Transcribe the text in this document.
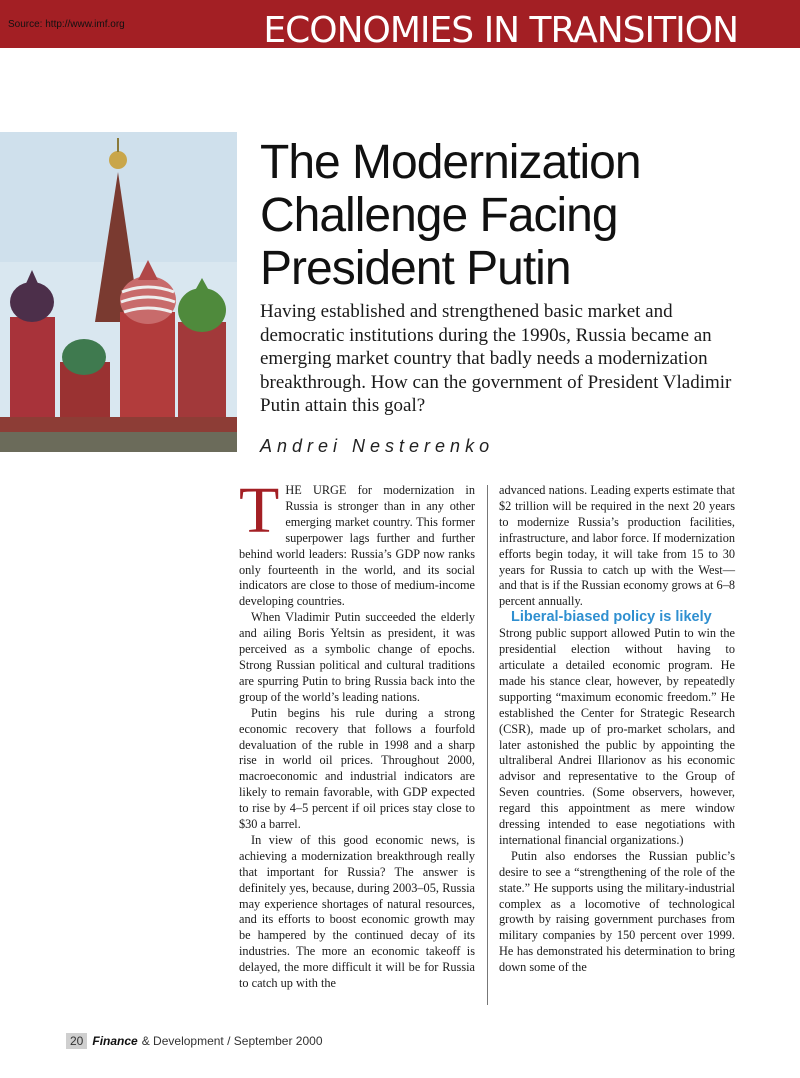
Source: http://www.imf.org	ECONOMIES IN TRANSITION
The Modernization
Challenge Facing
President Putin

Having established and strengthened basic market and democratic institutions during the 1990s, Russia became an emerging market country that badly needs a modernization breakthrough. How can the government of President Vladimir Putin attain this goal?

Andrei Nesterenko

THE URGE for modernization in Russia is stronger than in any other emerging market country. This former superpower lags further and further behind world leaders: Russia’s GDP now ranks only fourteenth in the world, and its social indicators are close to those of medium-income developing countries.

When Vladimir Putin succeeded the elderly and ailing Boris Yeltsin as president, it was perceived as a symbolic change of epochs. Strong Russian political and cultural traditions are spurring Putin to bring Russia back into the group of the world’s leading nations.

Putin begins his rule during a strong economic recovery that follows a fourfold devaluation of the ruble in 1998 and a sharp rise in world oil prices. Throughout 2000, macroeconomic and industrial indicators are likely to remain favorable, with GDP expected to rise by 4–5 percent if oil prices stay close to $30 a barrel.

In view of this good economic news, is achieving a modernization breakthrough really that important for Russia? The answer is definitely yes, because, during 2003–05, Russia may experience shortages of natural resources, and its efforts to boost economic growth may be hampered by the continued decay of its industries. The more an economic takeoff is delayed, the more difficult it will be for Russia to catch up with the

advanced nations. Leading experts estimate that $2 trillion will be required in the next 20 years to modernize Russia’s production facilities, infrastructure, and labor force. If modernization efforts begin today, it will take from 15 to 30 years for Russia to catch up with the West—and that is if the Russian economy grows at 6–8 percent annually.

Liberal-biased policy is likely

Strong public support allowed Putin to win the presidential election without having to articulate a detailed economic program. He made his stance clear, however, by repeatedly supporting “maximum economic freedom.” He established the Center for Strategic Research (CSR), made up of pro-market scholars, and later astonished the public by appointing the ultraliberal Andrei Illarionov as his economic advisor and representative to the Group of Seven countries. (Some observers, however, regard this appointment as mere window dressing intended to ease negotiations with international financial organizations.)

Putin also endorses the Russian public’s desire to see a “strengthening of the role of the state.” He supports using the military-industrial complex as a locomotive of technological growth by raising government purchases from military companies by 150 percent over 1999. He has demonstrated his determination to bring down some of the

20 Finance & Development / September 2000
